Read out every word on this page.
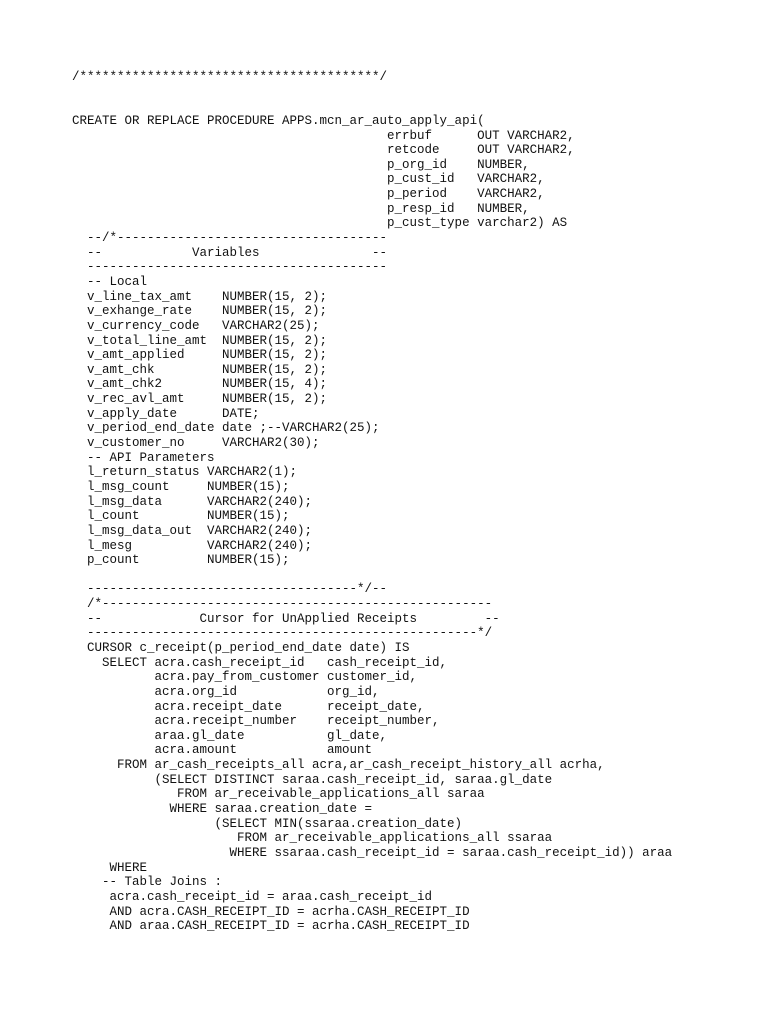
/****************************************/
CREATE OR REPLACE PROCEDURE APPS.mcn_ar_auto_apply_api(
errbuf      OUT VARCHAR2,
retcode     OUT VARCHAR2,
p_org_id    NUMBER,
p_cust_id   VARCHAR2,
p_period    VARCHAR2,
p_resp_id   NUMBER,
p_cust_type varchar2) AS
--/*------------------------------------
--            Variables               --
----------------------------------------
-- Local
v_line_tax_amt    NUMBER(15, 2);
v_exhange_rate    NUMBER(15, 2);
v_currency_code   VARCHAR2(25);
v_total_line_amt  NUMBER(15, 2);
v_amt_applied     NUMBER(15, 2);
v_amt_chk         NUMBER(15, 2);
v_amt_chk2        NUMBER(15, 4);
v_rec_avl_amt     NUMBER(15, 2);
v_apply_date      DATE;
v_period_end_date date ;--VARCHAR2(25);
v_customer_no     VARCHAR2(30);
-- API Parameters
l_return_status VARCHAR2(1);
l_msg_count     NUMBER(15);
l_msg_data      VARCHAR2(240);
l_count         NUMBER(15);
l_msg_data_out  VARCHAR2(240);
l_mesg          VARCHAR2(240);
p_count         NUMBER(15);
------------------------------------*/--
/*----------------------------------------------------
--             Cursor for UnApplied Receipts         --
----------------------------------------------------*/
CURSOR c_receipt(p_period_end_date date) IS
SELECT acra.cash_receipt_id   cash_receipt_id,
acra.pay_from_customer customer_id,
acra.org_id            org_id,
acra.receipt_date      receipt_date,
acra.receipt_number    receipt_number,
araa.gl_date           gl_date,
acra.amount            amount
FROM ar_cash_receipts_all acra,ar_cash_receipt_history_all acrha,
(SELECT DISTINCT saraa.cash_receipt_id, saraa.gl_date
FROM ar_receivable_applications_all saraa
WHERE saraa.creation_date =
(SELECT MIN(ssaraa.creation_date)
FROM ar_receivable_applications_all ssaraa
WHERE ssaraa.cash_receipt_id = saraa.cash_receipt_id)) araa
WHERE
-- Table Joins :
acra.cash_receipt_id = araa.cash_receipt_id
AND acra.CASH_RECEIPT_ID = acrha.CASH_RECEIPT_ID
AND araa.CASH_RECEIPT_ID = acrha.CASH_RECEIPT_ID
